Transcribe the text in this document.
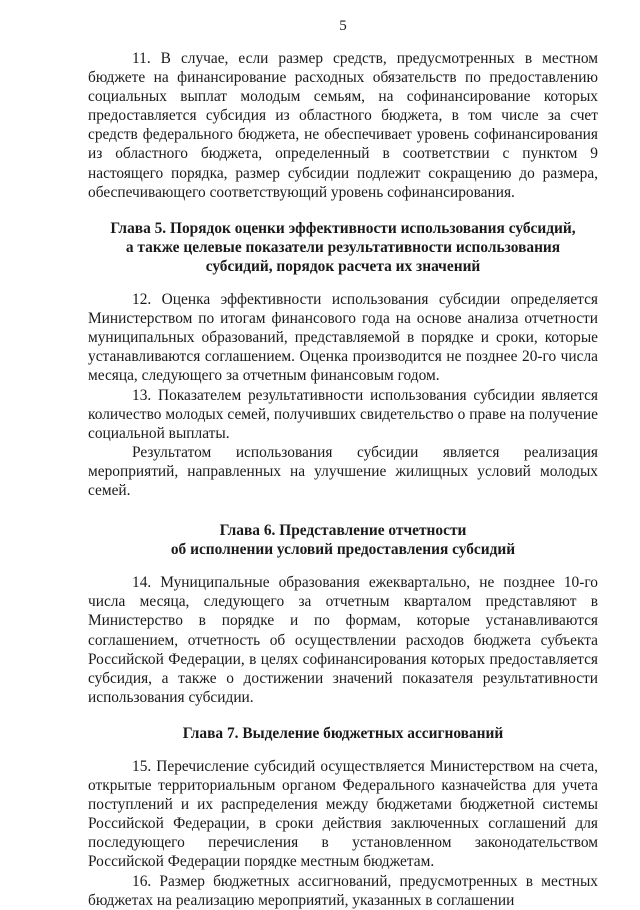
5

11. В случае, если размер средств, предусмотренных в местном бюджете на финансирование расходных обязательств по предоставлению социальных выплат молодым семьям, на софинансирование которых предоставляется субсидия из областного бюджета, в том числе за счет средств федерального бюджета, не обеспечивает уровень софинансирования из областного бюджета, определенный в соответствии с пунктом 9 настоящего порядка, размер субсидии подлежит сокращению до размера, обеспечивающего соответствующий уровень софинансирования.

Глава 5. Порядок оценки эффективности использования субсидий,
а также целевые показатели результативности использования
субсидий, порядок расчета их значений

12. Оценка эффективности использования субсидии определяется Министерством по итогам финансового года на основе анализа отчетности муниципальных образований, представляемой в порядке и сроки, которые устанавливаются соглашением. Оценка производится не позднее 20-го числа месяца, следующего за отчетным финансовым годом.

13. Показателем результативности использования субсидии является количество молодых семей, получивших свидетельство о праве на получение социальной выплаты.

Результатом использования субсидии является реализация мероприятий, направленных на улучшение жилищных условий молодых семей.

Глава 6. Представление отчетности
об исполнении условий предоставления субсидий

14. Муниципальные образования ежеквартально, не позднее 10-го числа месяца, следующего за отчетным кварталом представляют в Министерство в порядке и по формам, которые устанавливаются соглашением, отчетность об осуществлении расходов бюджета субъекта Российской Федерации, в целях софинансирования которых предоставляется субсидия, а также о достижении значений показателя результативности использования субсидии.

Глава 7. Выделение бюджетных ассигнований

15. Перечисление субсидий осуществляется Министерством на счета, открытые территориальным органом Федерального казначейства для учета поступлений и их распределения между бюджетами бюджетной системы Российской Федерации, в сроки действия заключенных соглашений для последующего перечисления в установленном законодательством Российской Федерации порядке местным бюджетам.

16. Размер бюджетных ассигнований, предусмотренных в местных бюджетах на реализацию мероприятий, указанных в соглашении
